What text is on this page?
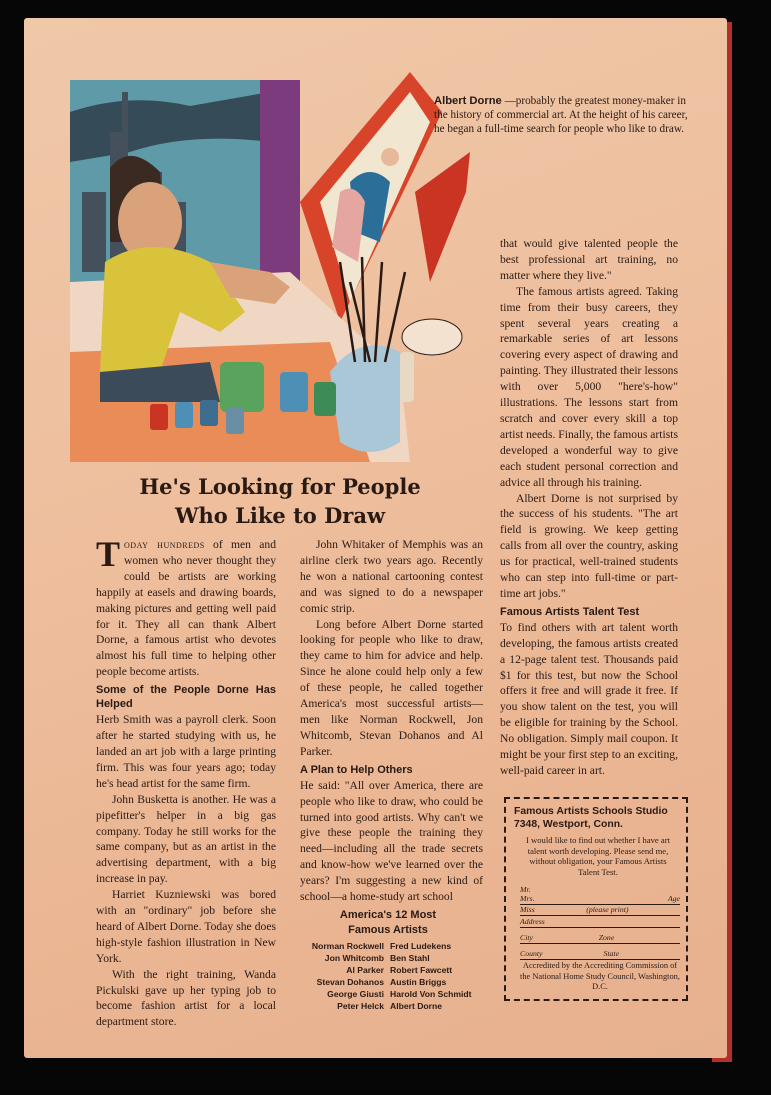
Albert Dorne —probably the greatest money-maker in the history of commercial art. At the height of his career, he began a full-time search for people who like to draw.
He's Looking for People
Who Like to Draw

Today hundreds of men and women who never thought they could be artists are working happily at easels and drawing boards, making pictures and getting well paid for it. They all can thank Albert Dorne, a famous artist who devotes almost his full time to helping other people become artists.

Some of the People Dorne Has Helped

Herb Smith was a payroll clerk. Soon after he started studying with us, he landed an art job with a large printing firm. This was four years ago; today he's head artist for the same firm.

John Busketta is another. He was a pipefitter's helper in a big gas company. Today he still works for the same company, but as an artist in the advertising department, with a big increase in pay.

Harriet Kuzniewski was bored with an "ordinary" job before she heard of Albert Dorne. Today she does high-style fashion illustration in New York.

With the right training, Wanda Pickulski gave up her typing job to become fashion artist for a local department store.

John Whitaker of Memphis was an airline clerk two years ago. Recently he won a national cartooning contest and was signed to do a newspaper comic strip.

Long before Albert Dorne started looking for people who like to draw, they came to him for advice and help. Since he alone could help only a few of these people, he called together America's most successful artists—men like Norman Rockwell, Jon Whitcomb, Stevan Dohanos and Al Parker.

A Plan to Help Others

He said: "All over America, there are people who like to draw, who could be turned into good artists. Why can't we give these people the training they need—including all the trade secrets and know-how we've learned over the years? I'm suggesting a new kind of school—a home-study art school

that would give talented people the best professional art training, no matter where they live."

The famous artists agreed. Taking time from their busy careers, they spent several years creating a remarkable series of art lessons covering every aspect of drawing and painting. They illustrated their lessons with over 5,000 "here's-how" illustrations. The lessons start from scratch and cover every skill a top artist needs. Finally, the famous artists developed a wonderful way to give each student personal correction and advice all through his training.

Albert Dorne is not surprised by the success of his students. "The art field is growing. We keep getting calls from all over the country, asking us for practical, well-trained students who can step into full-time or part-time art jobs."

Famous Artists Talent Test

To find others with art talent worth developing, the famous artists created a 12-page talent test. Thousands paid $1 for this test, but now the School offers it free and will grade it free. If you show talent on the test, you will be eligible for training by the School. No obligation. Simply mail coupon. It might be your first step to an exciting, well-paid career in art.

America's 12 Most Famous Artists
Norman Rockwell Fred Ludekens
Jon Whitcomb Ben Stahl
Al Parker Robert Fawcett
Stevan Dohanos Austin Briggs
George Giusti Harold Von Schmidt
Peter Helck Albert Dorne
Famous Artists Schools Studio 7348, Westport, Conn.
I would like to find out whether I have art talent worth developing. Please send me, without obligation, your Famous Artists Talent Test.
Mr.
Mrs.	Age
Miss	(please print)
Address
City	Zone
County	State
Accredited by the Accrediting Commission of the National Home Study Council, Washington, D.C.
